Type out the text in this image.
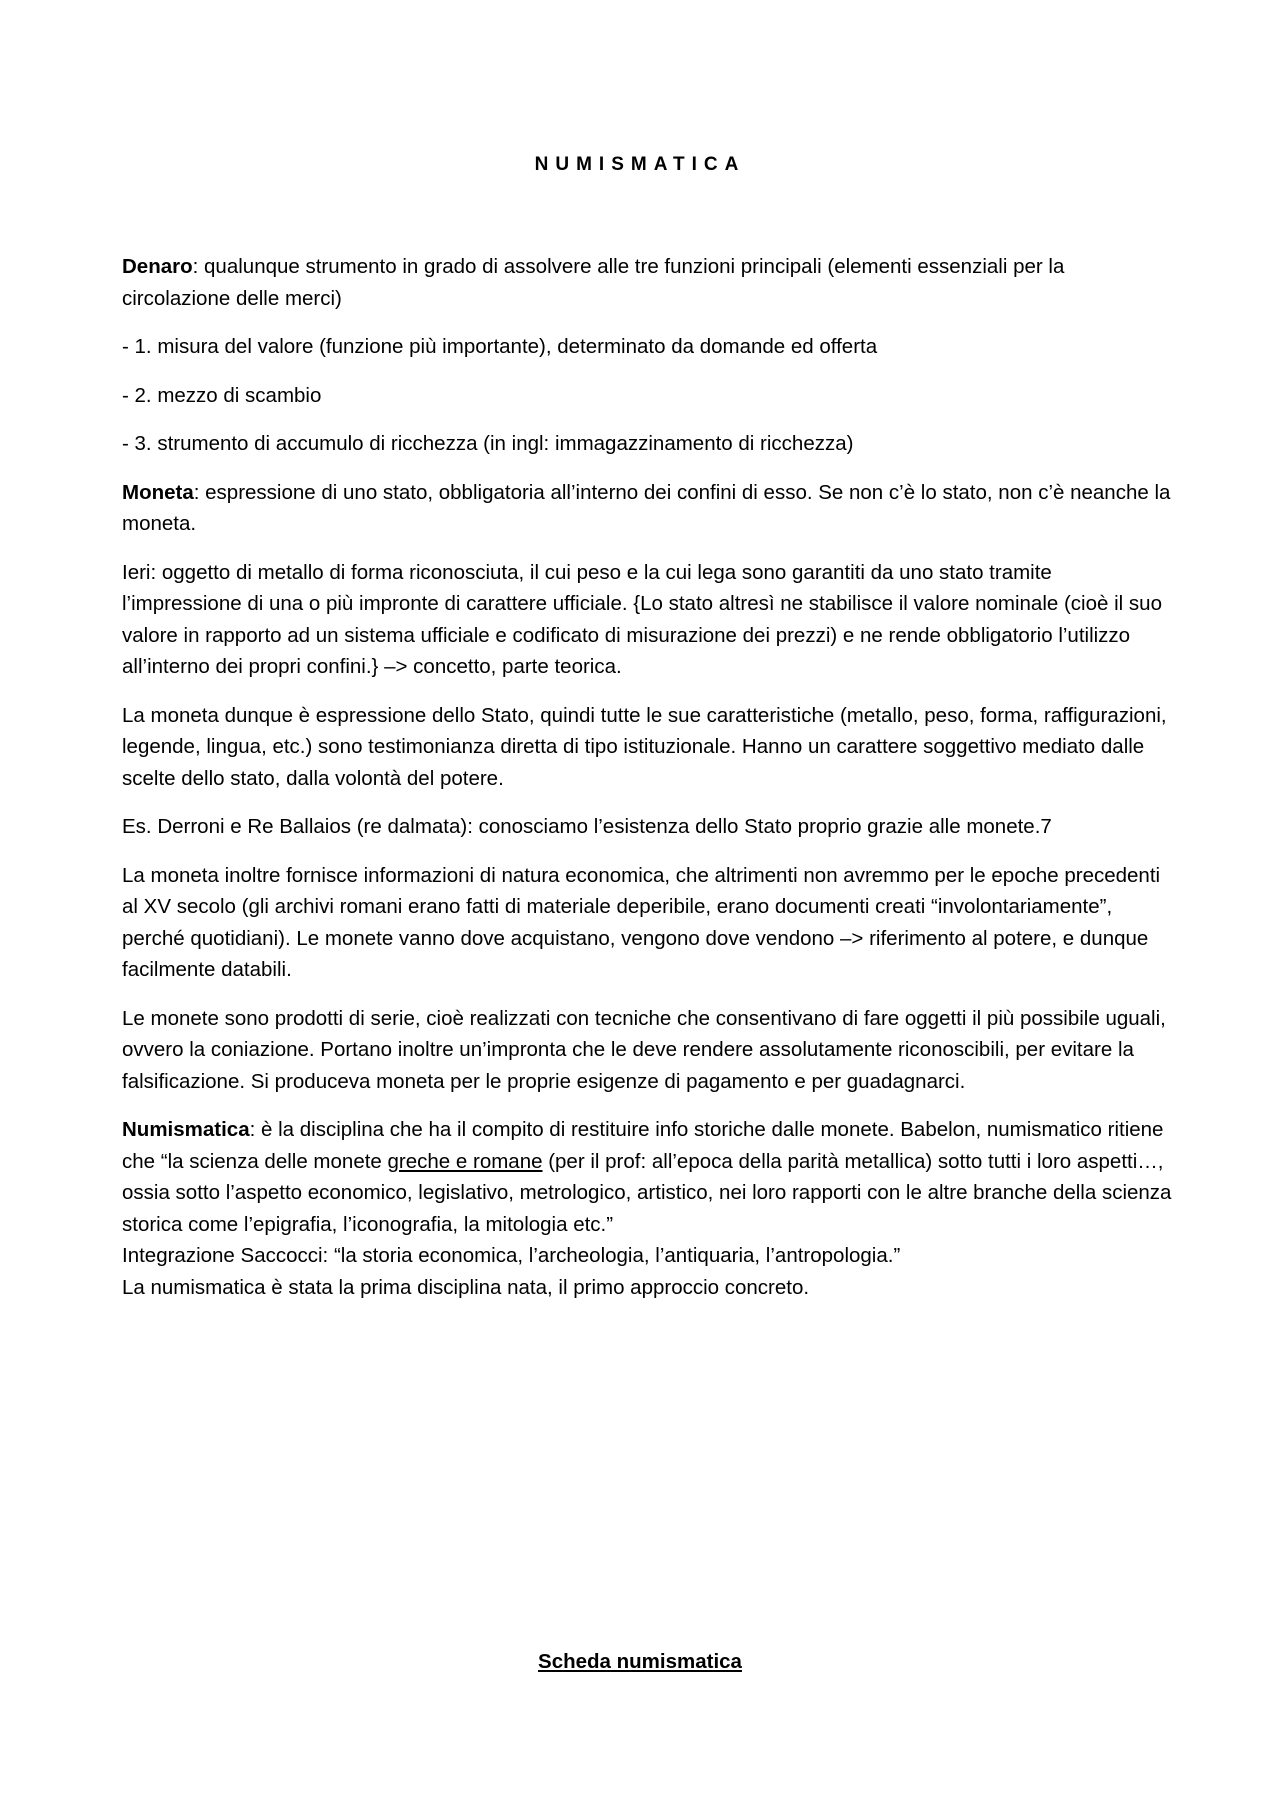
NUMISMATICA

Denaro: qualunque strumento in grado di assolvere alle tre funzioni principali (elementi essenziali per la circolazione delle merci)

- 1. misura del valore (funzione più importante), determinato da domande ed offerta

- 2. mezzo di scambio

- 3. strumento di accumulo di ricchezza (in ingl: immagazzinamento di ricchezza)

Moneta: espressione di uno stato, obbligatoria all’interno dei confini di esso. Se non c’è lo stato, non c’è neanche la moneta.

Ieri: oggetto di metallo di forma riconosciuta, il cui peso e la cui lega sono garantiti da uno stato tramite l’impressione di una o più impronte di carattere ufficiale. {Lo stato altresì ne stabilisce il valore nominale (cioè il suo valore in rapporto ad un sistema ufficiale e codificato di misurazione dei prezzi) e ne rende obbligatorio l’utilizzo all’interno dei propri confini.} –> concetto, parte teorica.

La moneta dunque è espressione dello Stato, quindi tutte le sue caratteristiche (metallo, peso, forma, raffigurazioni, legende, lingua, etc.) sono testimonianza diretta di tipo istituzionale. Hanno un carattere soggettivo mediato dalle scelte dello stato, dalla volontà del potere.

Es. Derroni e Re Ballaios (re dalmata): conosciamo l’esistenza dello Stato proprio grazie alle monete.7

La moneta inoltre fornisce informazioni di natura economica, che altrimenti non avremmo per le epoche precedenti al XV secolo (gli archivi romani erano fatti di materiale deperibile, erano documenti creati “involontariamente”, perché quotidiani). Le monete vanno dove acquistano, vengono dove vendono –> riferimento al potere, e dunque facilmente databili.

Le monete sono prodotti di serie, cioè realizzati con tecniche che consentivano di fare oggetti il più possibile uguali, ovvero la coniazione. Portano inoltre un’impronta che le deve rendere assolutamente riconoscibili, per evitare la falsificazione. Si produceva moneta per le proprie esigenze di pagamento e per guadagnarci.

Numismatica: è la disciplina che ha il compito di restituire info storiche dalle monete. Babelon, numismatico ritiene che “la scienza delle monete greche e romane (per il prof: all’epoca della parità metallica) sotto tutti i loro aspetti…, ossia sotto l’aspetto economico, legislativo, metrologico, artistico, nei loro rapporti con le altre branche della scienza storica come l’epigrafia, l’iconografia, la mitologia etc.”
Integrazione Saccocci: “la storia economica, l’archeologia, l’antiquaria, l’antropologia.”
La numismatica è stata la prima disciplina nata, il primo approccio concreto.

Scheda numismatica
